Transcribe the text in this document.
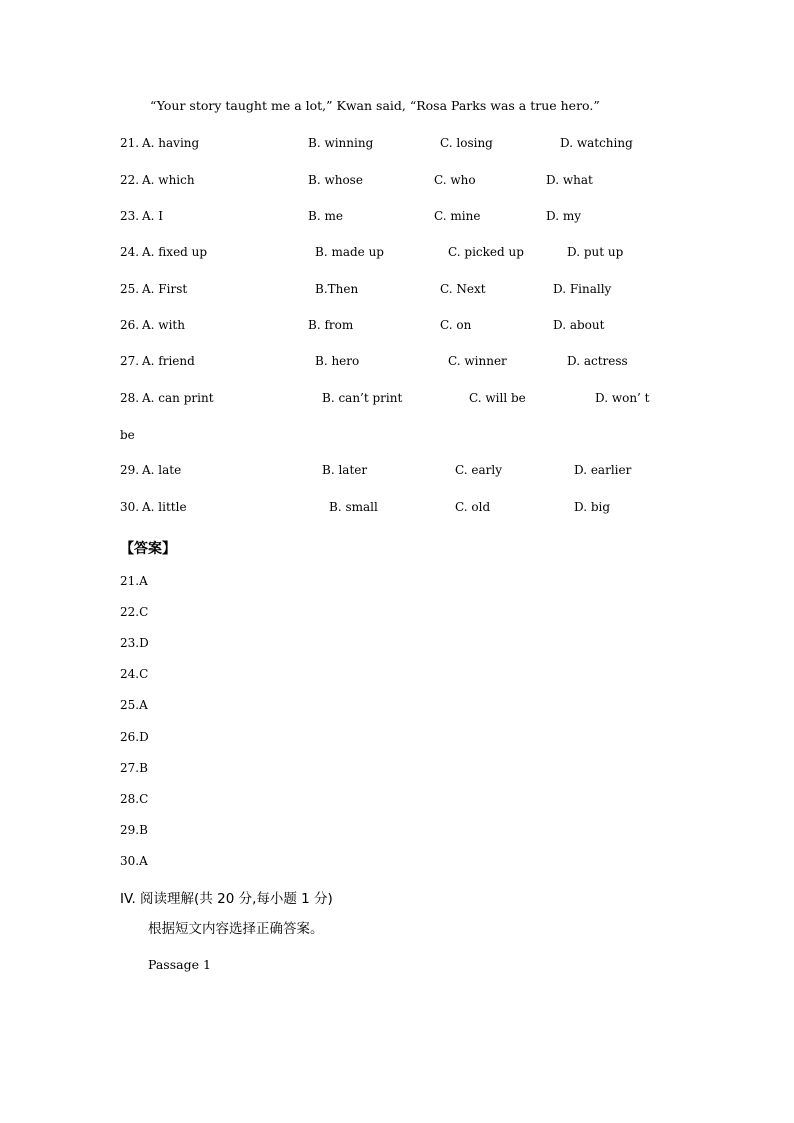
“Your story taught me a lot,” Kwan said, “Rosa Parks was a true hero.”
21. A. having	B. winning	C. losing	D. watching
22. A. which	B. whose	C. who	D. what
23. A. I	B. me	C. mine	D. my
24. A. fixed up	B. made up	C. picked up	D. put up
25. A. First	B.Then	C. Next	D. Finally
26. A. with	B. from	C. on	D. about
27. A. friend	B. hero	C. winner	D. actress
28. A. can print	B. can’t print	C. will be	D. won’ t
be
29. A. late	B. later	C. early	D. earlier
30. A. little	B. small	C. old	D. big
【答案】
21.A
22.C
23.D
24.C
25.A
26.D
27.B
28.C
29.B
30.A
IV. 阅读理解(共 20 分,每小题 1 分)
根据短文内容选择正确答案。
Passage 1
